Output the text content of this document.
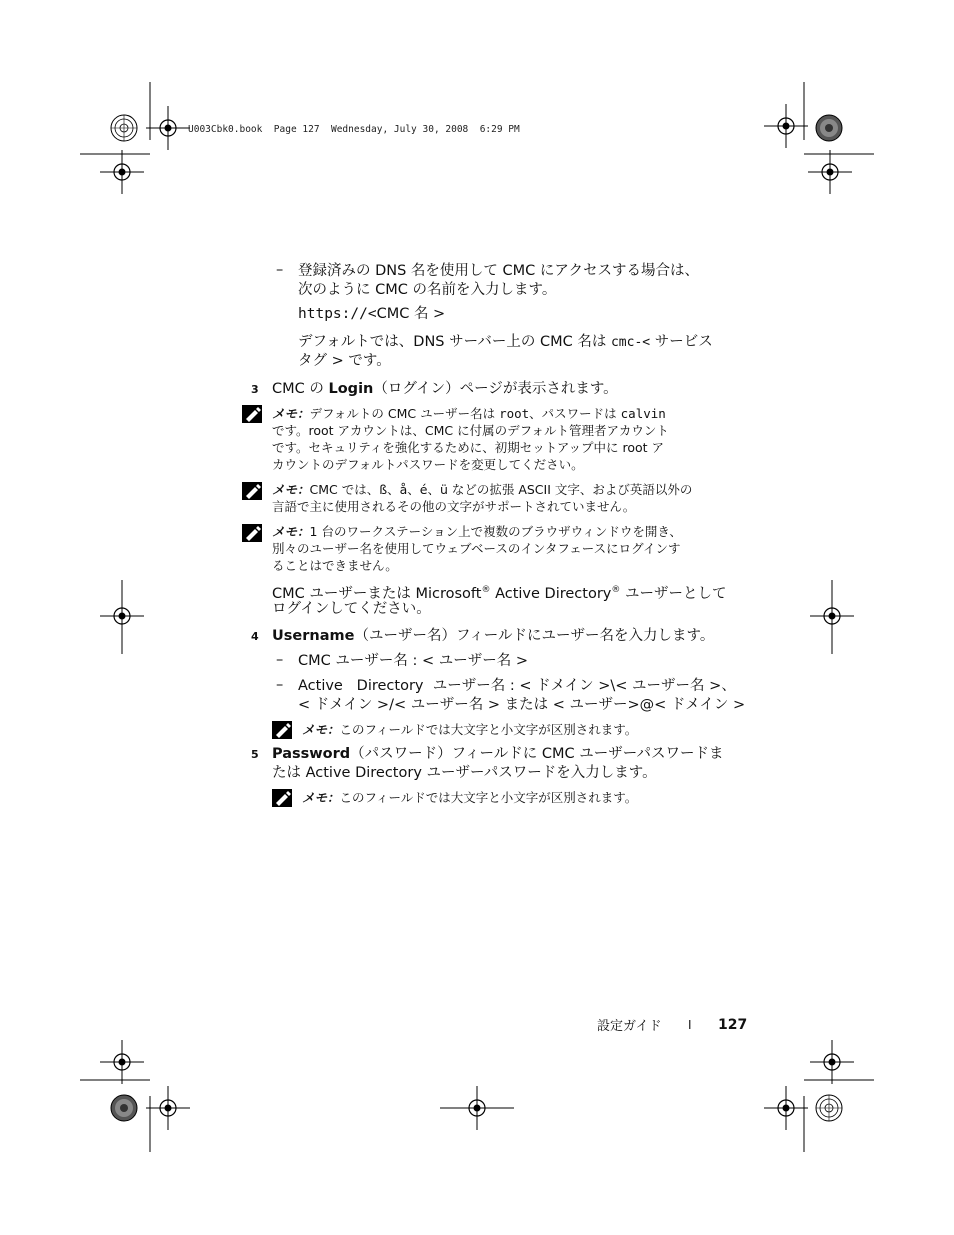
U003Cbk0.book  Page 127  Wednesday, July 30, 2008  6:29 PM
– 登録済みの DNS 名を使用して CMC にアクセスする場合は、
次のように CMC の名前を入力します。
https://<CMC 名 >
デフォルトでは、DNS サーバー上の CMC 名は cmc-< サービス
タグ > です。
3 CMC の Login（ログイン）ページが表示されます。
メモ：デフォルトの CMC ユーザー名は root、パスワードは calvin
です。root アカウントは、CMC に付属のデフォルト管理者アカウント
です。セキュリティを強化するために、初期セットアップ中に root ア
カウントのデフォルトパスワードを変更してください。
メモ：CMC では、ß、å、é、ü などの拡張 ASCII 文字、および英語以外の
言語で主に使用されるその他の文字がサポートされていません。
メモ：1 台のワークステーション上で複数のブラウザウィンドウを開き、
別々のユーザー名を使用してウェブベースのインタフェースにログインす
ることはできません。
CMC ユーザーまたは Microsoft® Active Directory® ユーザーとして
ログインしてください。
4 Username（ユーザー名）フィールドにユーザー名を入力します。
– CMC ユーザー名 : < ユーザー名 >
– Active   Directory  ユーザー名 : < ドメイン >\< ユーザー名 >、
< ドメイン >/< ユーザー名 > または < ユーザー>@< ドメイン >
メモ：このフィールドでは大文字と小文字が区別されます。
5 Password（パスワード）フィールドに CMC ユーザーパスワードま
たは Active Directory ユーザーパスワードを入力します。
メモ：このフィールドでは大文字と小文字が区別されます。
設定ガイド I 127
